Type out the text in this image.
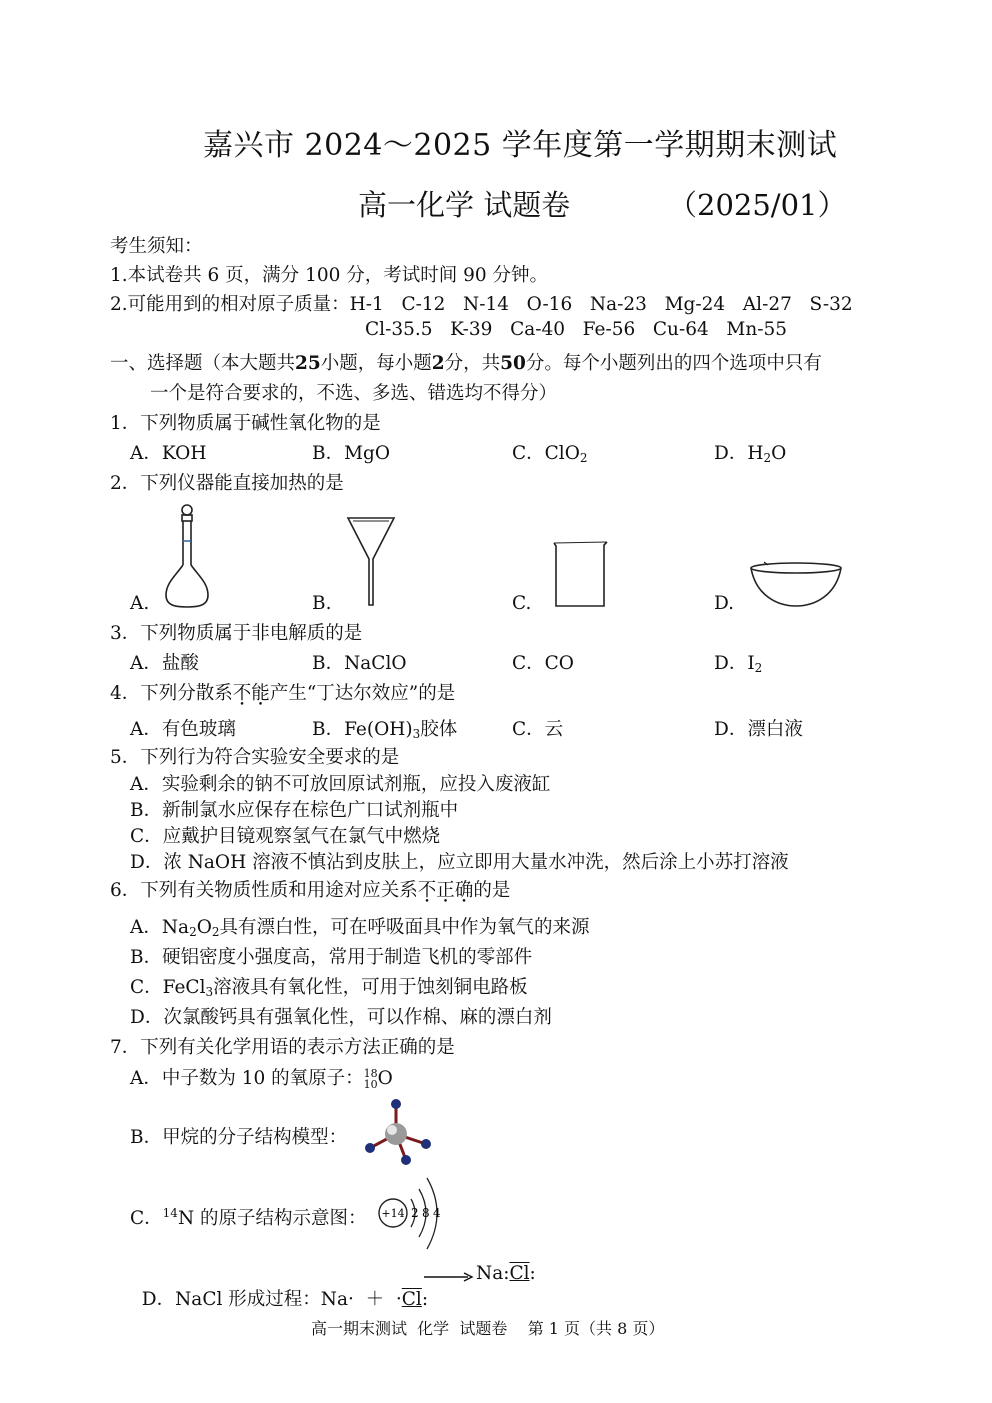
嘉兴市 2024～2025 学年度第一学期期末测试
高一化学 试题卷	（2025/01）
考生须知：
1.本试卷共 6 页，满分 100 分，考试时间 90 分钟。
2.可能用到的相对原子质量：H-1   C-12   N-14   O-16   Na-23   Mg-24   Al-27   S-32
Cl-35.5   K-39   Ca-40   Fe-56   Cu-64   Mn-55
一、选择题（本大题共25小题，每小题2分，共50分。每个小题列出的四个选项中只有
一个是符合要求的，不选、多选、错选均不得分）
1．下列物质属于碱性氧化物的是
A．KOH	B．MgO	C．ClO$_2$	D．$H_2O$
2．下列仪器能直接加热的是
A.	B.	C.	D.
3．下列物质属于非电解质的是
A．盐酸	B．NaClO	C．CO	D．$I_2$
4．下列分散系不能产生“丁达尔效应”的是
A．有色玻璃	B．$Fe(OH)_3$胶体	C．云	D．漂白液
5．下列行为符合实验安全要求的是
A．实验剩余的钠不可放回原试剂瓶，应投入废液缸
B．新制氯水应保存在棕色广口试剂瓶中
C．应戴护目镜观察氢气在氯气中燃烧
D．浓 NaOH 溶液不慎沾到皮肤上，应立即用大量水冲洗，然后涂上小苏打溶液
6．下列有关物质性质和用途对应关系不正确的是
A．$Na_2O_2$具有漂白性，可在呼吸面具中作为氧气的来源
B．硬铝密度小强度高，常用于制造飞机的零部件
C．FeCl$_3$溶液具有氧化性，可用于蚀刻铜电路板
D．次氯酸钙具有强氧化性，可以作棉、麻的漂白剂
7．下列有关化学用语的表示方法正确的是
A．中子数为 10 的氧原子： 18
10 O
B．甲烷的分子结构模型：
C．$^{14}$N 的原子结构示意图： +14 2 8 4

D．NaCl 形成过程：Na·  ＋  ·Cl:

→ Na:Cl:
高一期末测试  化学  试题卷    第 1 页（共 8 页）
